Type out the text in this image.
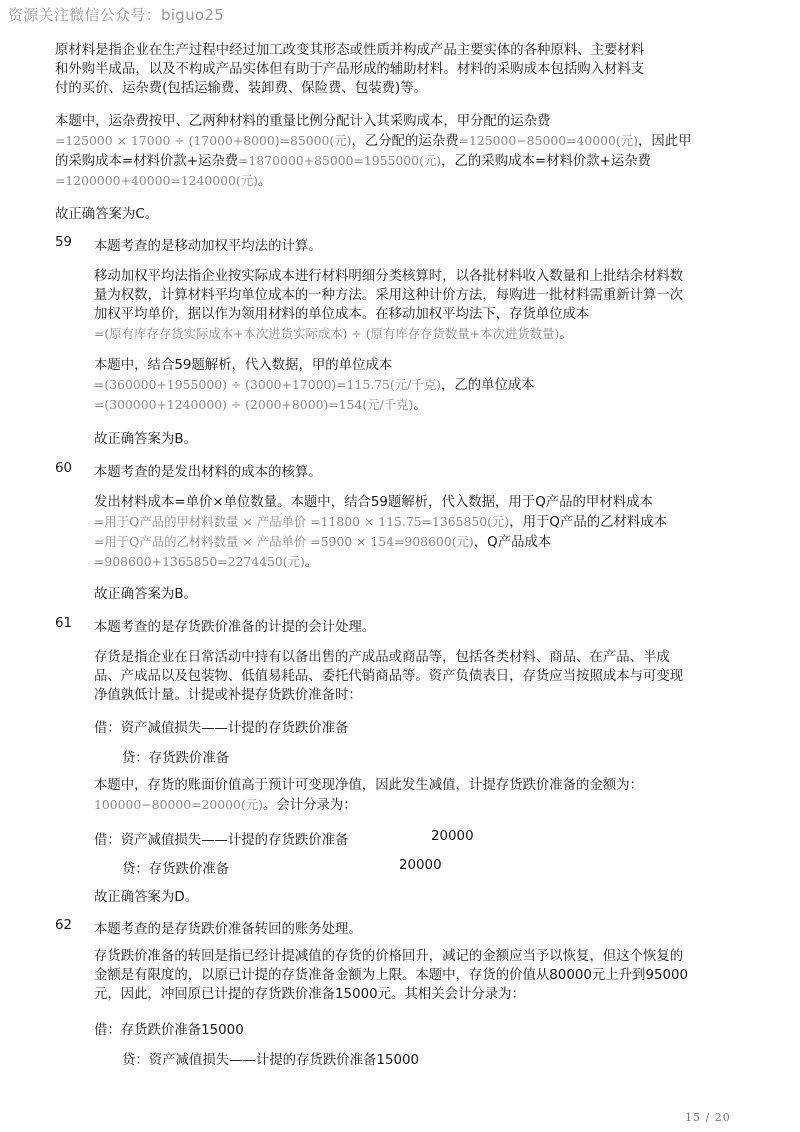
资源关注微信公众号：biguo25

原材料是指企业在生产过程中经过加工改变其形态或性质并构成产品主要实体的各种原料、主要材料
和外购半成品，以及不构成产品实体但有助于产品形成的辅助材料。材料的采购成本包括购入材料支
付的买价、运杂费(包括运输费、装卸费、保险费、包装费)等。

本题中，运杂费按甲、乙两种材料的重量比例分配计入其采购成本，甲分配的运杂费
=125000 × 17000 ÷ (17000+8000)=85000(元)，乙分配的运杂费=125000−85000=40000(元)，因此甲
的采购成本=材料价款+运杂费=1870000+85000=1955000(元)，乙的采购成本=材料价款+运杂费
=1200000+40000=1240000(元)。

故正确答案为C。

59 本题考查的是移动加权平均法的计算。

移动加权平均法指企业按实际成本进行材料明细分类核算时，以各批材料收入数量和上批结余材料数
量为权数，计算材料平均单位成本的一种方法。采用这种计价方法，每购进一批材料需重新计算一次
加权平均单价，据以作为领用材料的单位成本。在移动加权平均法下，存货单位成本
=(原有库存存货实际成本+本次进货实际成本) ÷ (原有库存存货数量+本次进货数量)。

本题中，结合59题解析，代入数据，甲的单位成本
=(360000+1955000) ÷ (3000+17000)=115.75(元/千克)，乙的单位成本
=(300000+1240000) ÷ (2000+8000)=154(元/千克)。

故正确答案为B。

60 本题考查的是发出材料的成本的核算。

发出材料成本=单价×单位数量。本题中，结合59题解析，代入数据，用于Q产品的甲材料成本
=用于Q产品的甲材料数量 × 产品单价 =11800 × 115.75=1365850(元)，用于Q产品的乙材料成本
=用于Q产品的乙材料数量 × 产品单价 =5900 × 154=908600(元)，Q产品成本
=908600+1365850=2274450(元)。

故正确答案为B。

61 本题考查的是存货跌价准备的计提的会计处理。

存货是指企业在日常活动中持有以备出售的产成品或商品等，包括各类材料、商品、在产品、半成
品、产成品以及包装物、低值易耗品、委托代销商品等。资产负债表日，存货应当按照成本与可变现
净值孰低计量。计提或补提存货跌价准备时：

借：资产减值损失——计提的存货跌价准备
贷：存货跌价准备

本题中，存货的账面价值高于预计可变现净值，因此发生减值，计提存货跌价准备的金额为：
100000−80000=20000(元)。会计分录为：

借：资产减值损失——计提的存货跌价准备	20000
贷：存货跌价准备	20000

故正确答案为D。

62 本题考查的是存货跌价准备转回的账务处理。

存货跌价准备的转回是指已经计提减值的存货的价格回升，减记的金额应当予以恢复，但这个恢复的
金额是有限度的，以原已计提的存货准备金额为上限。本题中，存货的价值从80000元上升到95000
元，因此，冲回原已计提的存货跌价准备15000元。其相关会计分录为：

借：存货跌价准备15000
贷：资产减值损失——计提的存货跌价准备15000
15 / 20
